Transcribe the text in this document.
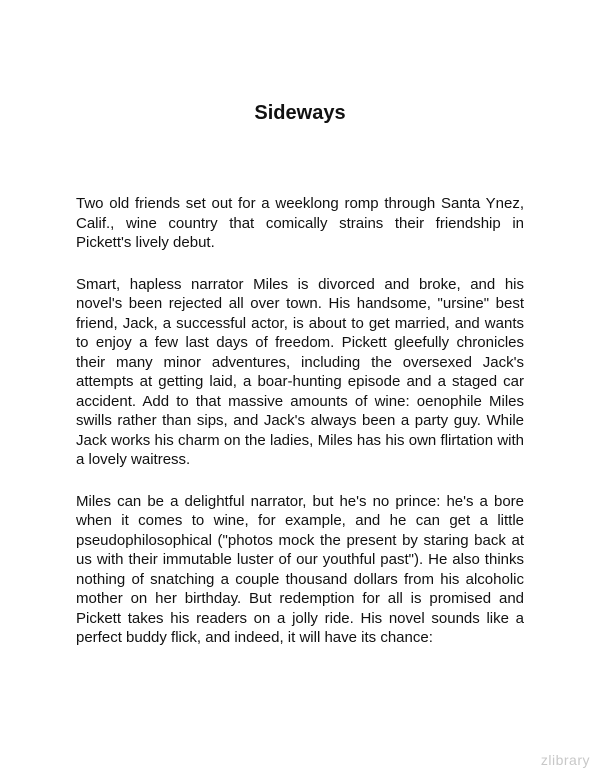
Sideways

Two old friends set out for a weeklong romp through Santa Ynez, Calif., wine country that comically strains their friendship in Pickett's lively debut.

Smart, hapless narrator Miles is divorced and broke, and his novel's been rejected all over town. His handsome, "ursine" best friend, Jack, a successful actor, is about to get married, and wants to enjoy a few last days of freedom. Pickett gleefully chronicles their many minor adventures, including the oversexed Jack's attempts at getting laid, a boar-hunting episode and a staged car accident. Add to that massive amounts of wine: oenophile Miles swills rather than sips, and Jack's always been a party guy. While Jack works his charm on the ladies, Miles has his own flirtation with a lovely waitress.

Miles can be a delightful narrator, but he's no prince: he's a bore when it comes to wine, for example, and he can get a little pseudophilosophical ("photos mock the present by staring back at us with their immutable luster of our youthful past"). He also thinks nothing of snatching a couple thousand dollars from his alcoholic mother on her birthday. But redemption for all is promised and Pickett takes his readers on a jolly ride. His novel sounds like a perfect buddy flick, and indeed, it will have its chance:

zlibrary
